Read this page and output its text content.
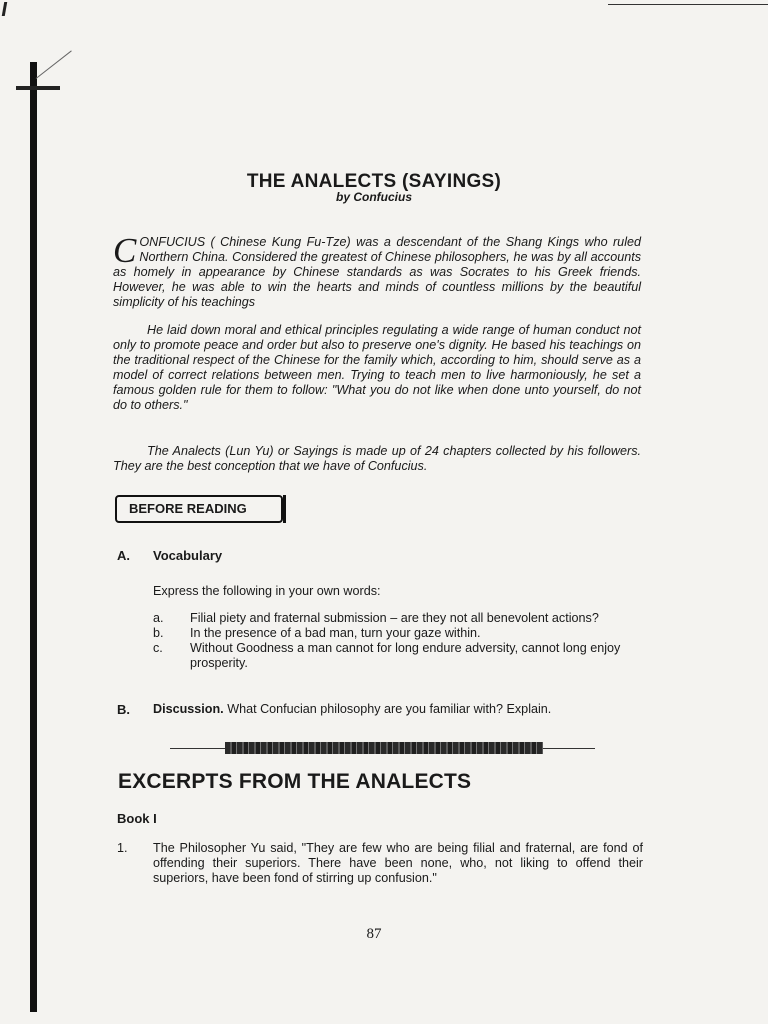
THE ANALECTS (SAYINGS)

by Confucius

CONFUCIUS ( Chinese Kung Fu-Tze) was a descendant of the Shang Kings who ruled Northern China. Considered the greatest of Chinese philosophers, he was by all accounts as homely in appearance by Chinese standards as was Socrates to his Greek friends. However, he was able to win the hearts and minds of countless millions by the beautiful simplicity of his teachings

He laid down moral and ethical principles regulating a wide range of human conduct not only to promote peace and order but also to preserve one's dignity. He based his teachings on the traditional respect of the Chinese for the family which, according to him, should serve as a model of correct relations between men. Trying to teach men to live harmoniously, he set a famous golden rule for them to follow: "What you do not like when done unto yourself, do not do to others."

The Analects (Lun Yu) or Sayings is made up of 24 chapters collected by his followers. They are the best conception that we have of Confucius.

BEFORE READING
A. Vocabulary
Express the following in your own words:
a. Filial piety and fraternal submission – are they not all benevolent actions?
b. In the presence of a bad man, turn your gaze within.
c. Without Goodness a man cannot for long endure adversity, cannot long enjoy prosperity.
B. Discussion. What Confucian philosophy are you familiar with? Explain.
EXCERPTS FROM THE ANALECTS
Book I
1. The Philosopher Yu said, "They are few who are being filial and fraternal, are fond of offending their superiors. There have been none, who, not liking to offend their superiors, have been fond of stirring up confusion."

87
